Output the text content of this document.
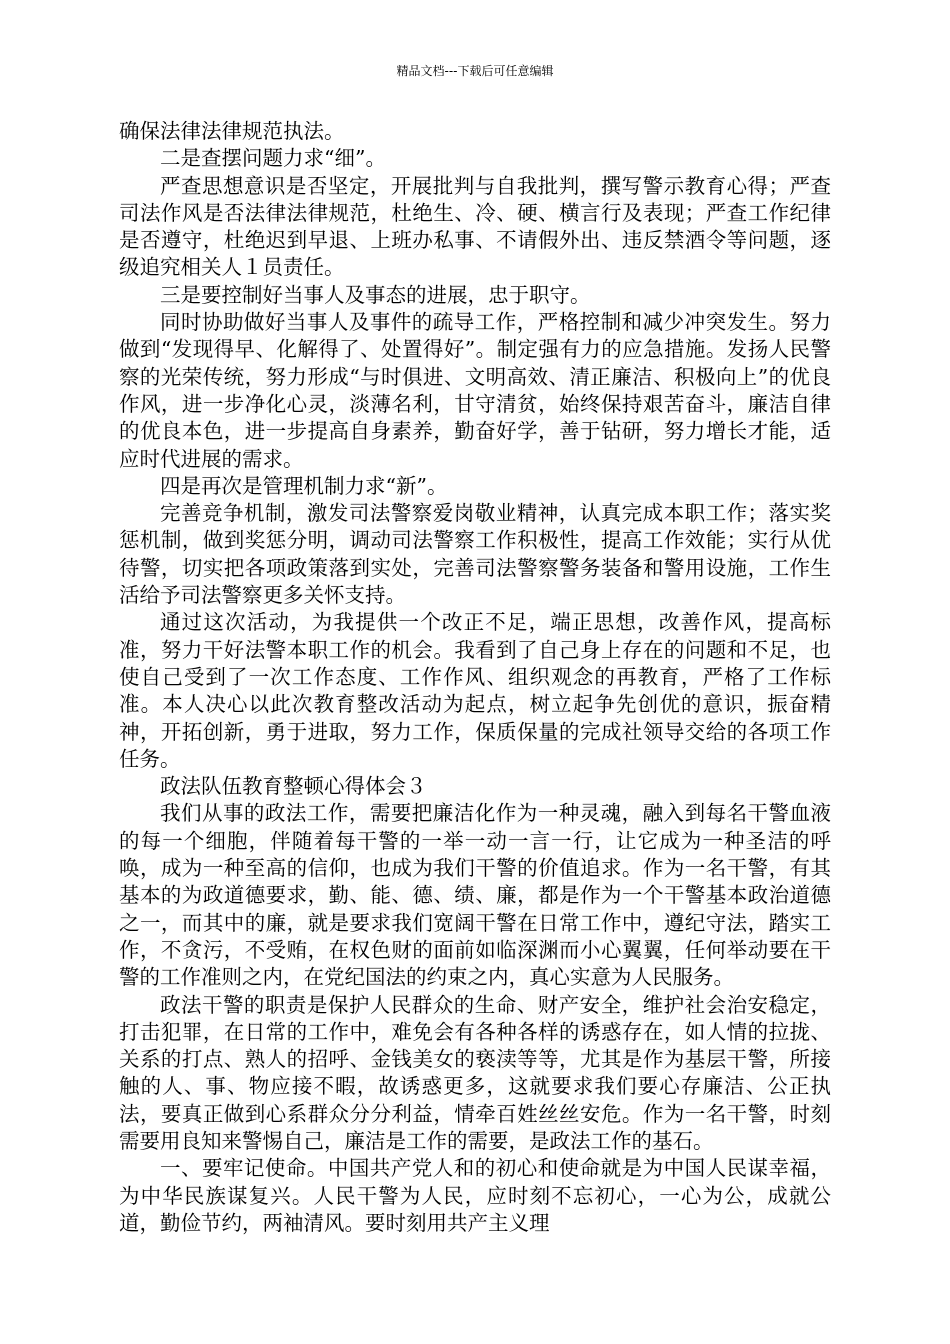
精品文档---下载后可任意编辑

确保法律法律规范执法。

二是查摆问题力求“细”。

严查思想意识是否坚定，开展批判与自我批判，撰写警示教育心得；严查司法作风是否法律法律规范，杜绝生、冷、硬、横言行及表现；严查工作纪律是否遵守，杜绝迟到早退、上班办私事、不请假外出、违反禁酒令等问题，逐级追究相关人１员责任。

三是要控制好当事人及事态的进展，忠于职守。

同时协助做好当事人及事件的疏导工作，严格控制和减少冲突发生。努力做到“发现得早、化解得了、处置得好”。制定强有力的应急措施。发扬人民警察的光荣传统，努力形成“与时俱进、文明高效、清正廉洁、积极向上”的优良作风，进一步净化心灵，淡薄名利，甘守清贫，始终保持艰苦奋斗，廉洁自律的优良本色，进一步提高自身素养，勤奋好学，善于钻研，努力增长才能，适应时代进展的需求。

四是再次是管理机制力求“新”。

完善竞争机制，激发司法警察爱岗敬业精神，认真完成本职工作；落实奖惩机制，做到奖惩分明，调动司法警察工作积极性，提高工作效能；实行从优待警，切实把各项政策落到实处，完善司法警察警务装备和警用设施，工作生活给予司法警察更多关怀支持。

通过这次活动，为我提供一个改正不足，端正思想，改善作风，提高标准，努力干好法警本职工作的机会。我看到了自己身上存在的问题和不足，也使自己受到了一次工作态度、工作作风、组织观念的再教育，严格了工作标准。本人决心以此次教育整改活动为起点，树立起争先创优的意识，振奋精神，开拓创新，勇于进取，努力工作，保质保量的完成社领导交给的各项工作任务。

政法队伍教育整顿心得体会３

我们从事的政法工作，需要把廉洁化作为一种灵魂，融入到每名干警血液的每一个细胞，伴随着每干警的一举一动一言一行，让它成为一种圣洁的呼唤，成为一种至高的信仰，也成为我们干警的价值追求。作为一名干警，有其基本的为政道德要求，勤、能、德、绩、廉，都是作为一个干警基本政治道德之一，而其中的廉，就是要求我们宽阔干警在日常工作中，遵纪守法，踏实工作，不贪污，不受贿，在权色财的面前如临深渊而小心翼翼，任何举动要在干警的工作准则之内，在党纪国法的约束之内，真心实意为人民服务。

政法干警的职责是保护人民群众的生命、财产安全，维护社会治安稳定，打击犯罪，在日常的工作中，难免会有各种各样的诱惑存在，如人情的拉拢、关系的打点、熟人的招呼、金钱美女的亵渎等等，尤其是作为基层干警，所接触的人、事、物应接不暇，故诱惑更多，这就要求我们要心存廉洁、公正执法，要真正做到心系群众分分利益，情牵百姓丝丝安危。作为一名干警，时刻需要用良知来警惕自己，廉洁是工作的需要，是政法工作的基石。

一、要牢记使命。中国共产党人和的初心和使命就是为中国人民谋幸福，为中华民族谋复兴。人民干警为人民，应时刻不忘初心，一心为公，成就公道，勤俭节约，两袖清风。要时刻用共产主义理
